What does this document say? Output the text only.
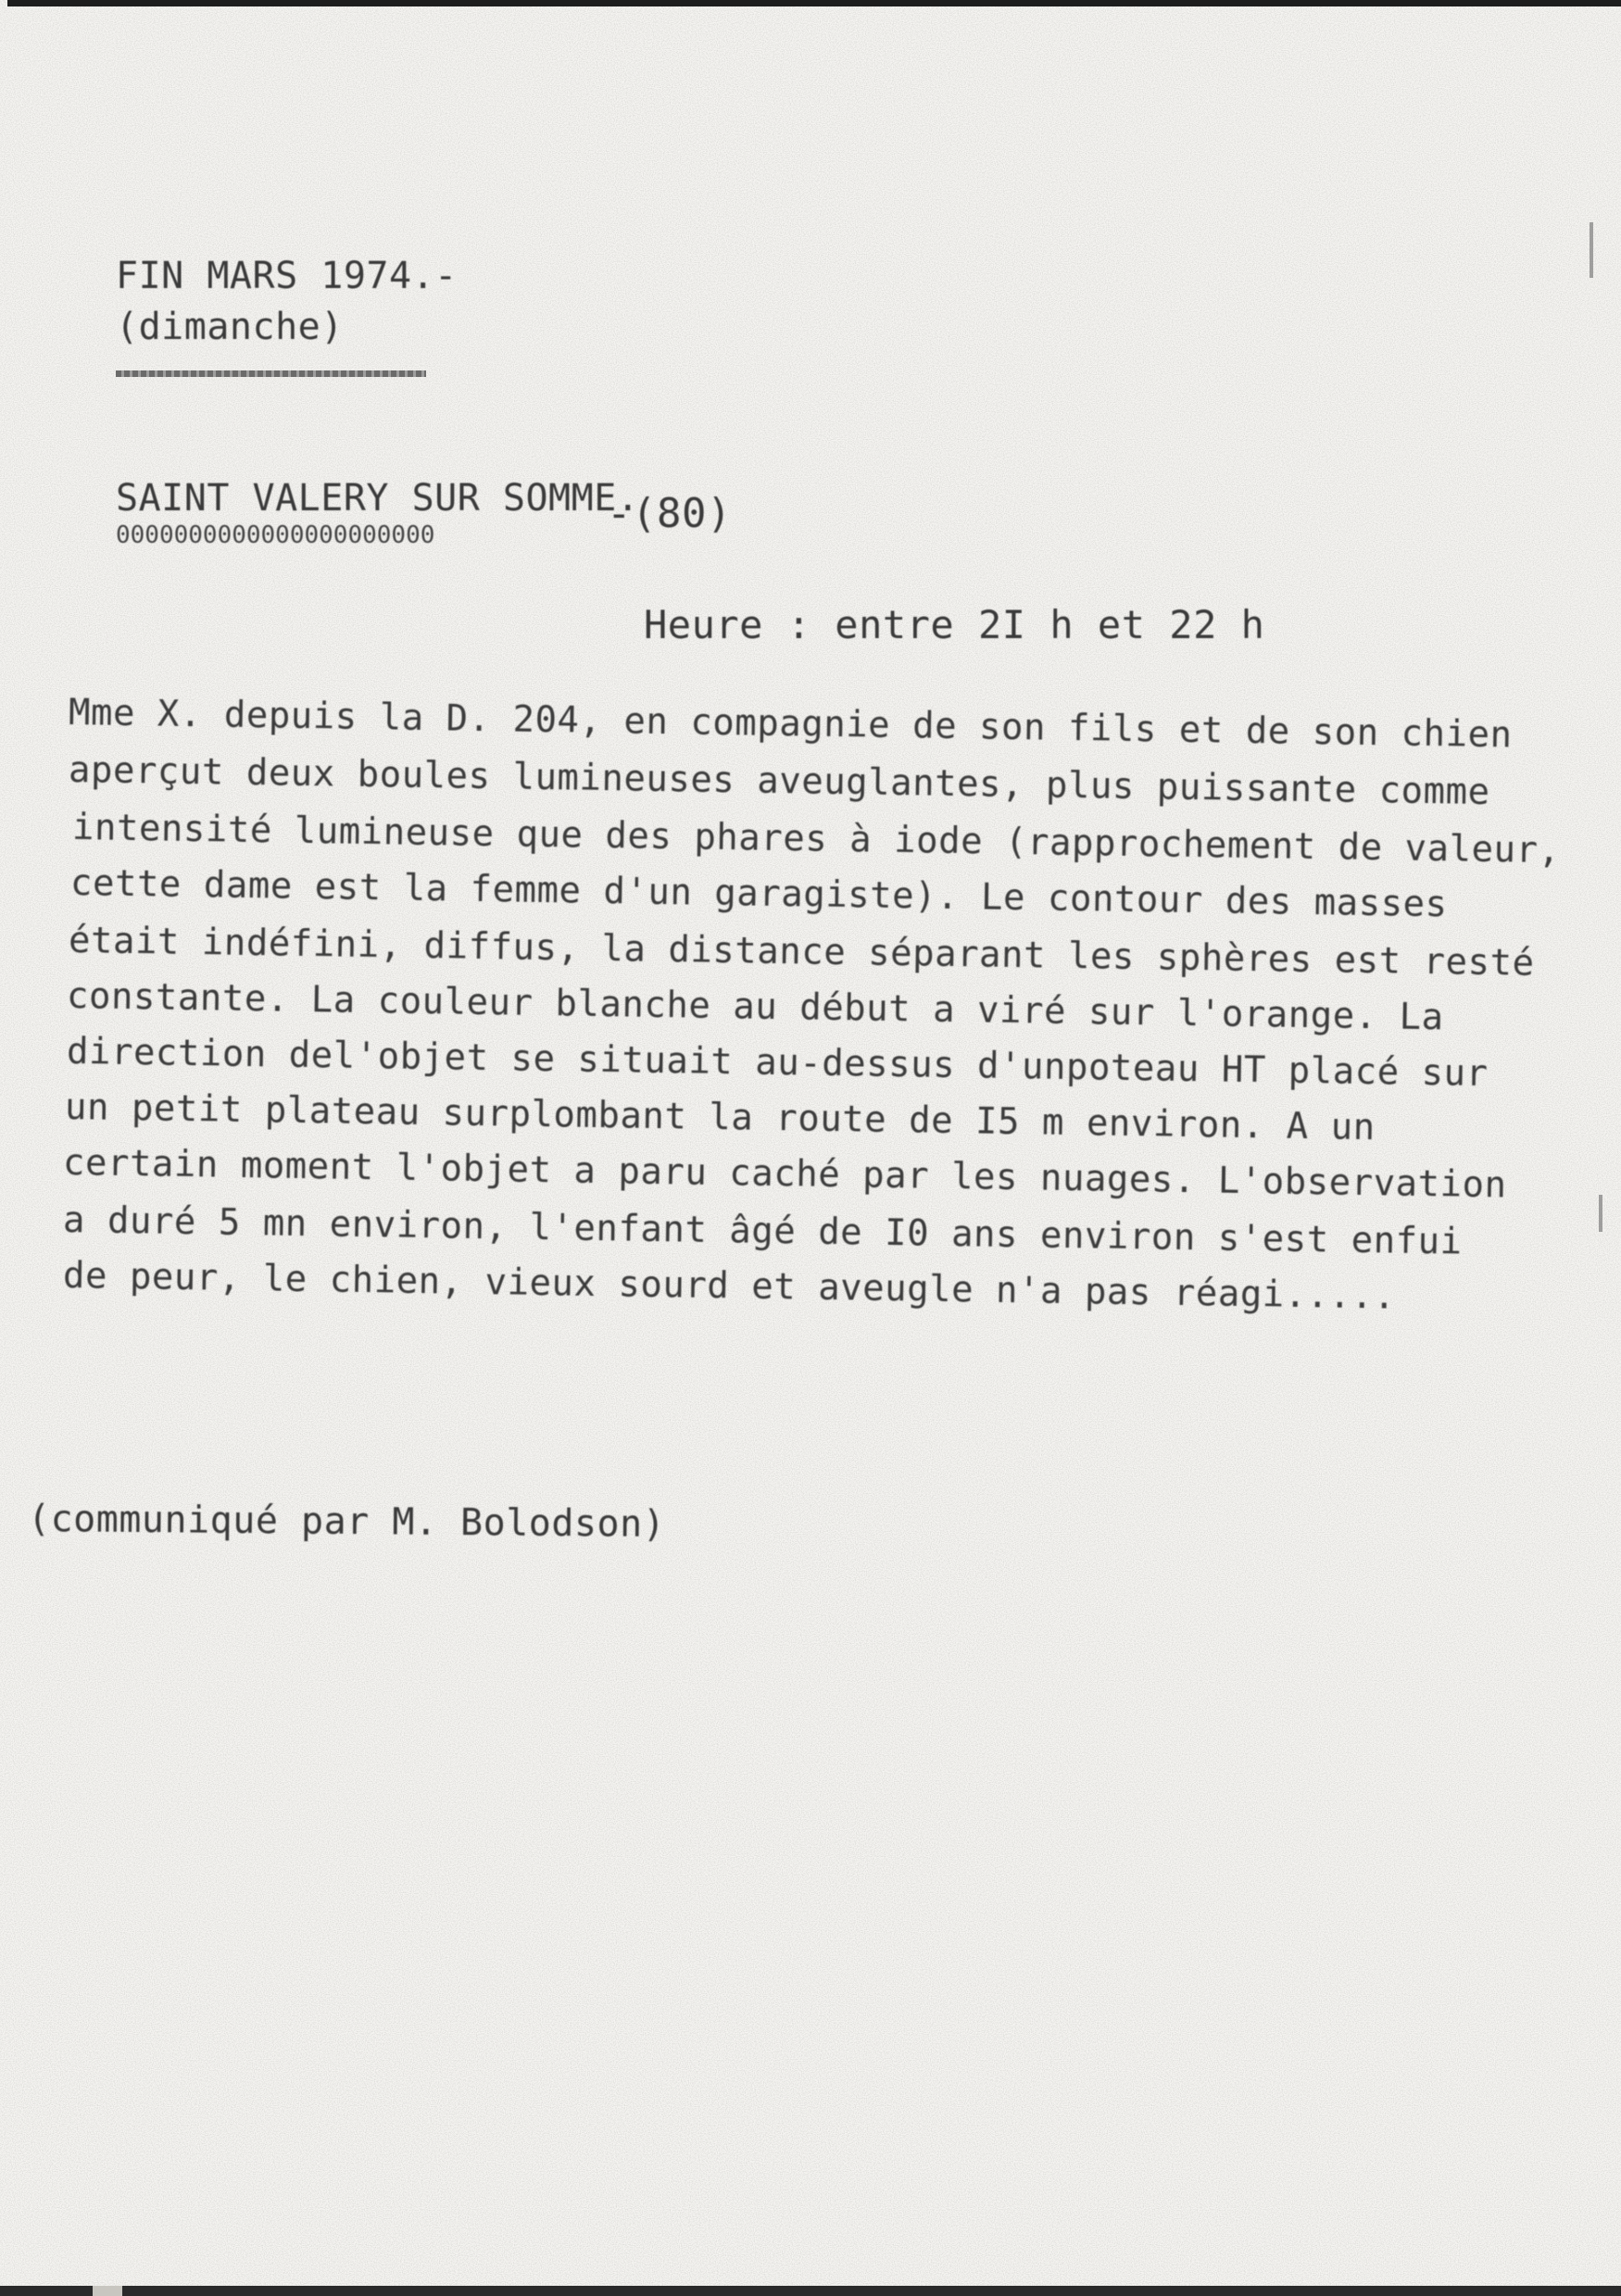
FIN MARS 1974.-

(dimanche)

SAINT VALERY SUR SOMME.
0000000000000000000000	-(80)

Heure : entre 2I h et 22 h

Mme X. depuis la D. 204, en compagnie de son fils et de son chien
aperçut deux boules lumineuses aveuglantes, plus puissante comme
intensité lumineuse que des phares à iode (rapprochement de valeur,
cette dame est la femme d'un garagiste). Le contour des masses
était indéfini, diffus, la distance séparant les sphères est resté
constante. La couleur blanche au début a viré sur l'orange. La
direction del'objet se situait au-dessus d'unpoteau HT placé sur
un petit plateau surplombant la route de I5 m environ. A un
certain moment l'objet a paru caché par les nuages. L'observation
a duré 5 mn environ, l'enfant âgé de I0 ans environ s'est enfui
de peur, le chien, vieux sourd et aveugle n'a pas réagi.....

(communiqué par M. Bolodson)
